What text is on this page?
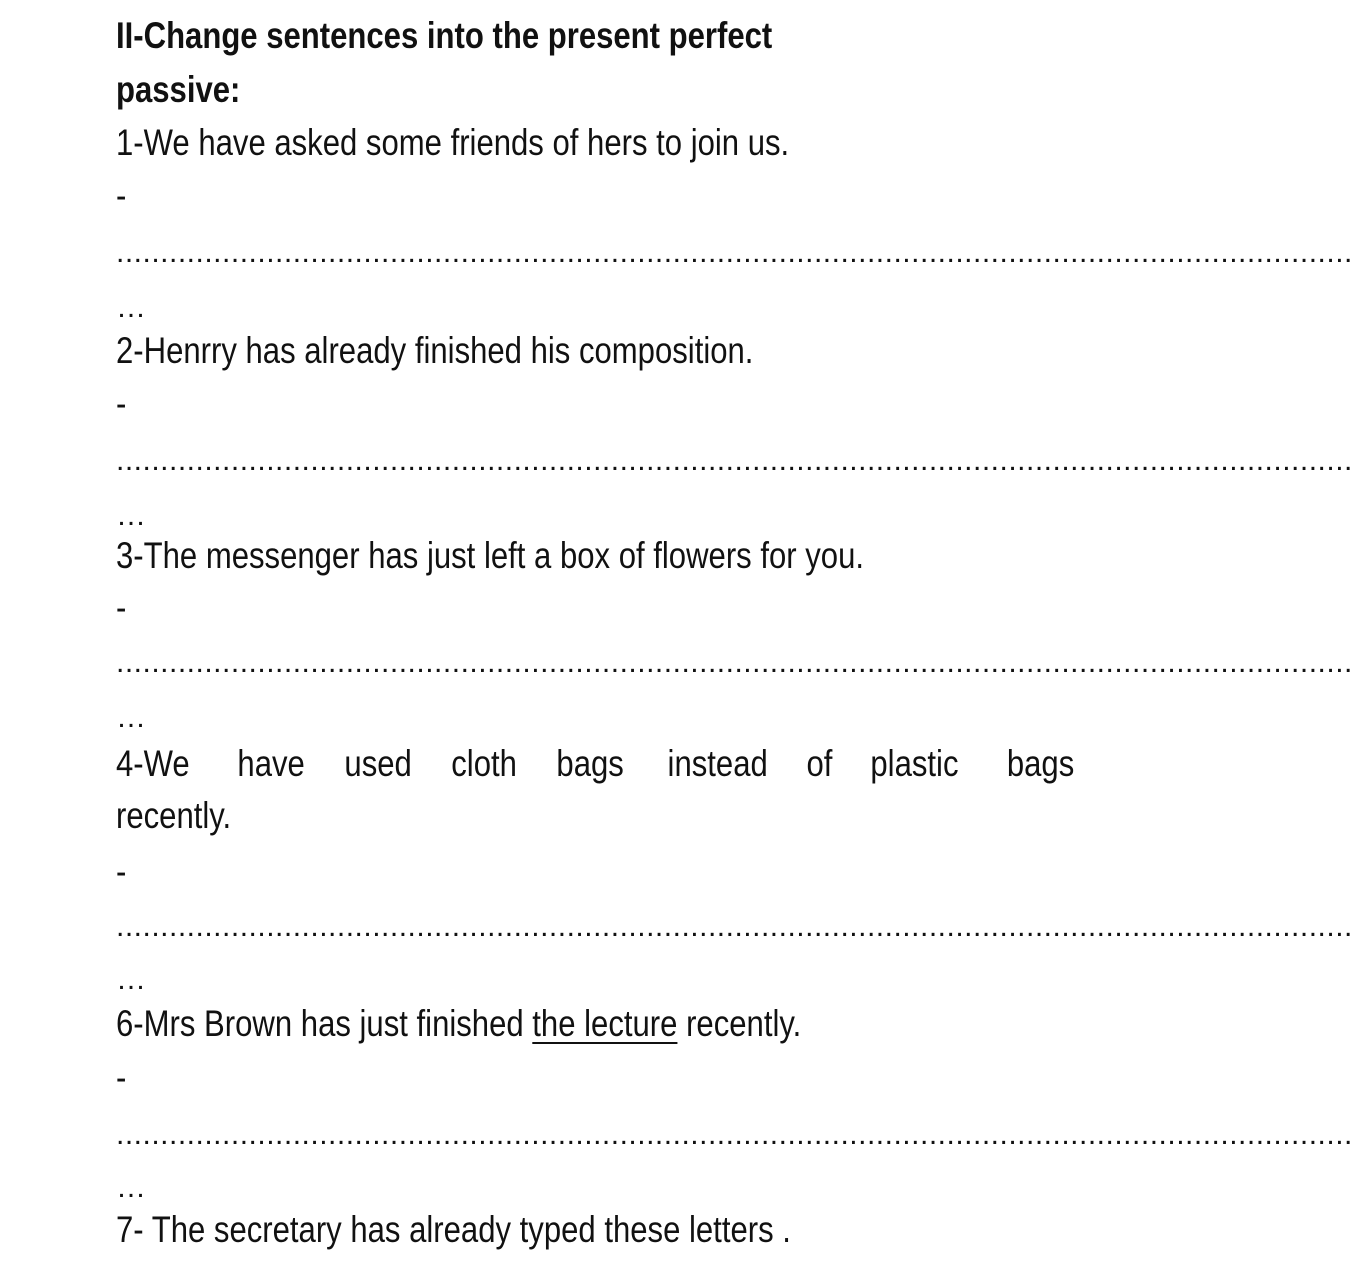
II-Change sentences into the present perfect

passive:

1-We have asked some friends of hers to join us.

-

............................................................................................................................................

…

2-Henrry has already finished his composition.

-

............................................................................................................................................

…

3-The messenger has just left a box of flowers for you.

-

............................................................................................................................................

…

4-We have used cloth bags instead of plastic bags

recently.

-

............................................................................................................................................

…

6-Mrs Brown has just finished the lecture recently.

-

............................................................................................................................................

…

7- The secretary has already typed these letters .
